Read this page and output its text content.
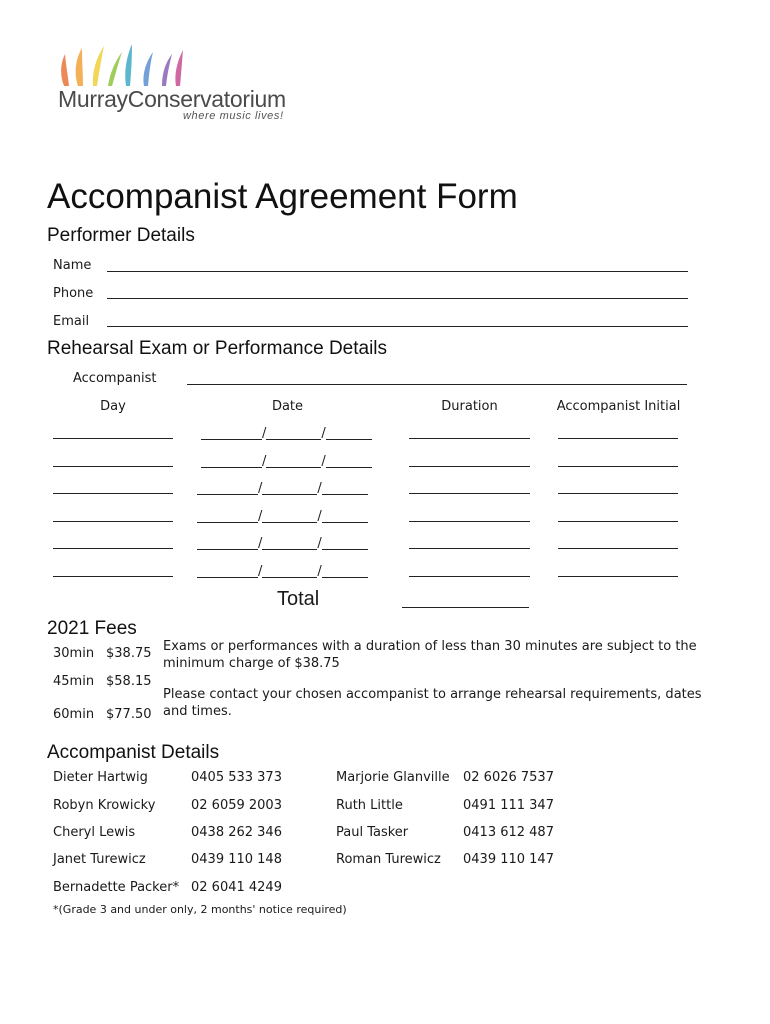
MurrayConservatorium
where music lives!
Accompanist Agreement Form
Performer Details
Name
Phone
Email
Rehearsal Exam or Performance Details
Accompanist
Day	Date	Duration	Accompanist Initial
/	/
/	/
/	/
/	/
/	/
/	/
Total
2021 Fees
30min $38.75
45min $58.15
60min $77.50
Exams or performances with a duration of less than 30 minutes are subject to the minimum charge of $38.75
Please contact your chosen accompanist to arrange rehearsal requirements, dates and times.
Accompanist Details
Dieter Hartwig	0405 533 373	Marjorie Glanville 02 6026 7537
Robyn Krowicky	02 6059 2003	Ruth Little	0491 111 347
Cheryl Lewis	0438 262 346	Paul Tasker	0413 612 487
Janet Turewicz	0439 110 148	Roman Turewicz 0439 110 147
Bernadette Packer* 02 6041 4249
*(Grade 3 and under only, 2 months' notice required)
